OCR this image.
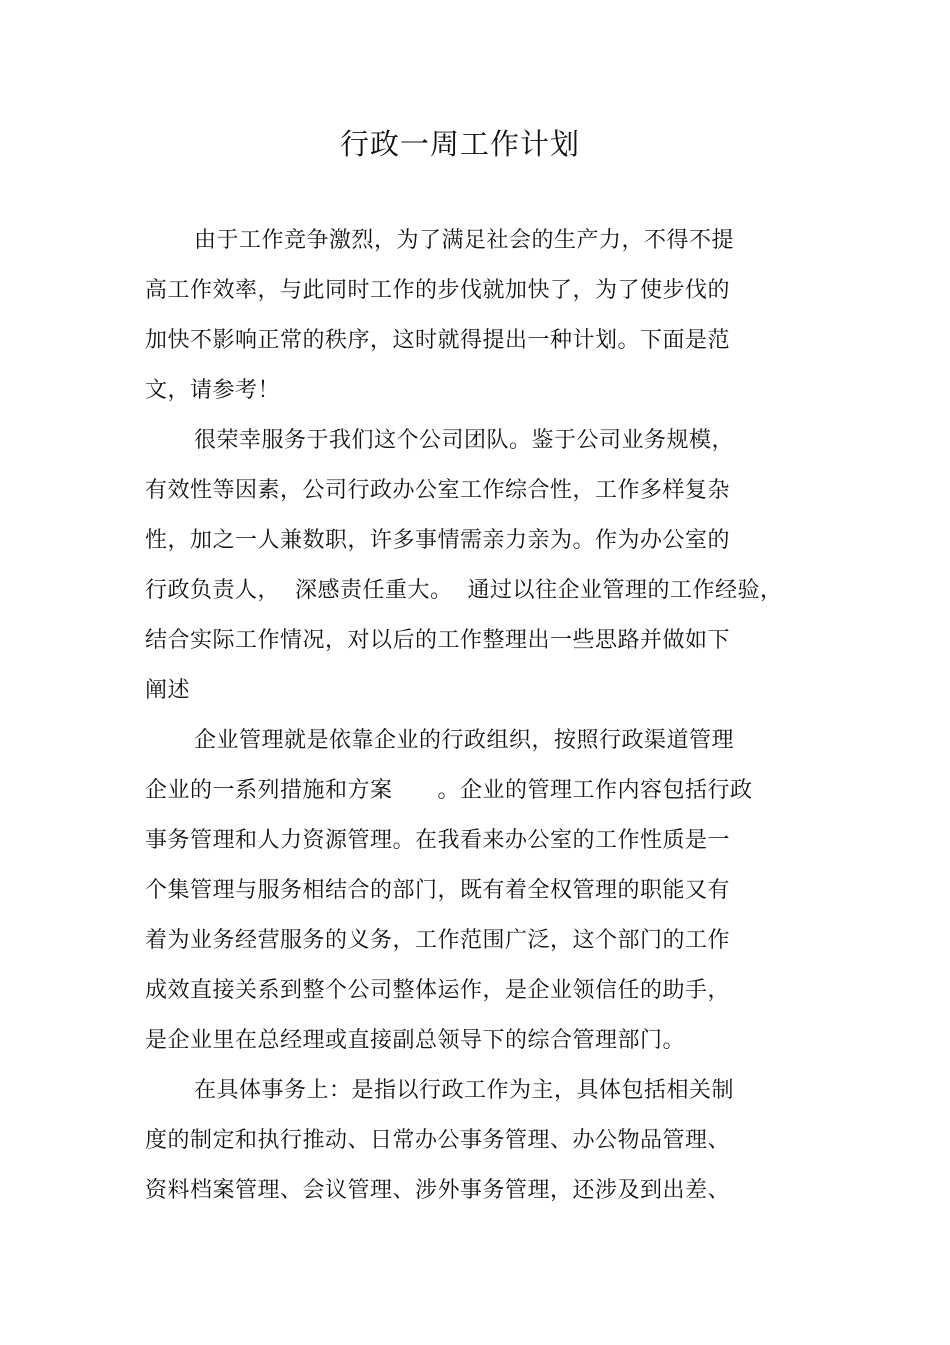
行政一周工作计划
由于工作竞争激烈，为了满足社会的生产力，不得不提
高工作效率，与此同时工作的步伐就加快了，为了使步伐的
加快不影响正常的秩序，这时就得提出一种计划。下面是范
文，请参考！
很荣幸服务于我们这个公司团队。鉴于公司业务规模，
有效性等因素，公司行政办公室工作综合性，工作多样复杂
性，加之一人兼数职，许多事情需亲力亲为。作为办公室的
行政负责人，  深感责任重大。  通过以往企业管理的工作经验，
结合实际工作情况，对以后的工作整理出一些思路并做如下
阐述
企业管理就是依靠企业的行政组织，按照行政渠道管理
企业的一系列措施和方案      。企业的管理工作内容包括行政
事务管理和人力资源管理。在我看来办公室的工作性质是一
个集管理与服务相结合的部门，既有着全权管理的职能又有
着为业务经营服务的义务，工作范围广泛，这个部门的工作
成效直接关系到整个公司整体运作，是企业领信任的助手，
是企业里在总经理或直接副总领导下的综合管理部门。
在具体事务上：是指以行政工作为主，具体包括相关制
度的制定和执行推动、日常办公事务管理、办公物品管理、
资料档案管理、会议管理、涉外事务管理，还涉及到出差、
